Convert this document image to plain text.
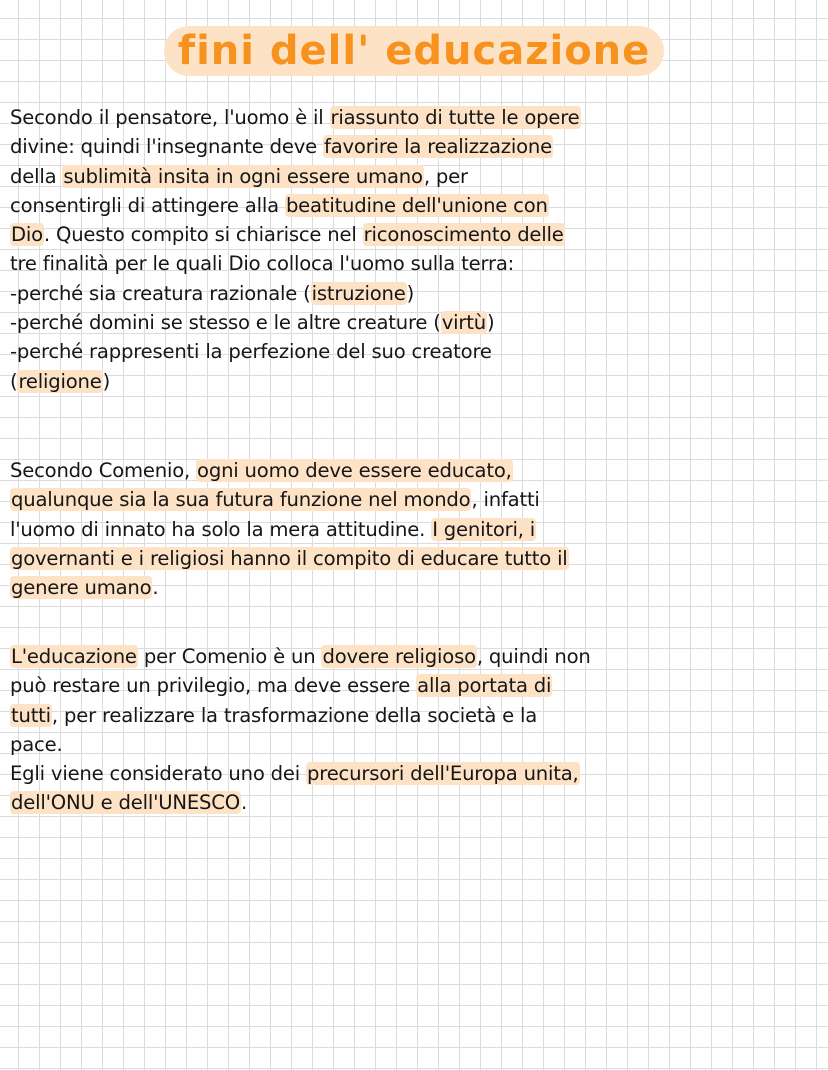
fini dell' educazione
Secondo il pensatore, l'uomo è il riassunto di tutte le opere
divine: quindi l'insegnante deve favorire la realizzazione
della sublimità insita in ogni essere umano, per
consentirgli di attingere alla beatitudine dell'unione con
Dio. Questo compito si chiarisce nel riconoscimento delle
tre finalità per le quali Dio colloca l'uomo sulla terra:
-perché sia creatura razionale (istruzione)
-perché domini se stesso e le altre creature (virtù)
-perché rappresenti la perfezione del suo creatore
(religione)
Secondo Comenio, ogni uomo deve essere educato,
qualunque sia la sua futura funzione nel mondo, infatti
l'uomo di innato ha solo la mera attitudine. I genitori, i
governanti e i religiosi hanno il compito di educare tutto il
genere umano.
L'educazione per Comenio è un dovere religioso, quindi non
può restare un privilegio, ma deve essere alla portata di
tutti, per realizzare la trasformazione della società e la
pace.
Egli viene considerato uno dei precursori dell'Europa unita,
dell'ONU e dell'UNESCO.
